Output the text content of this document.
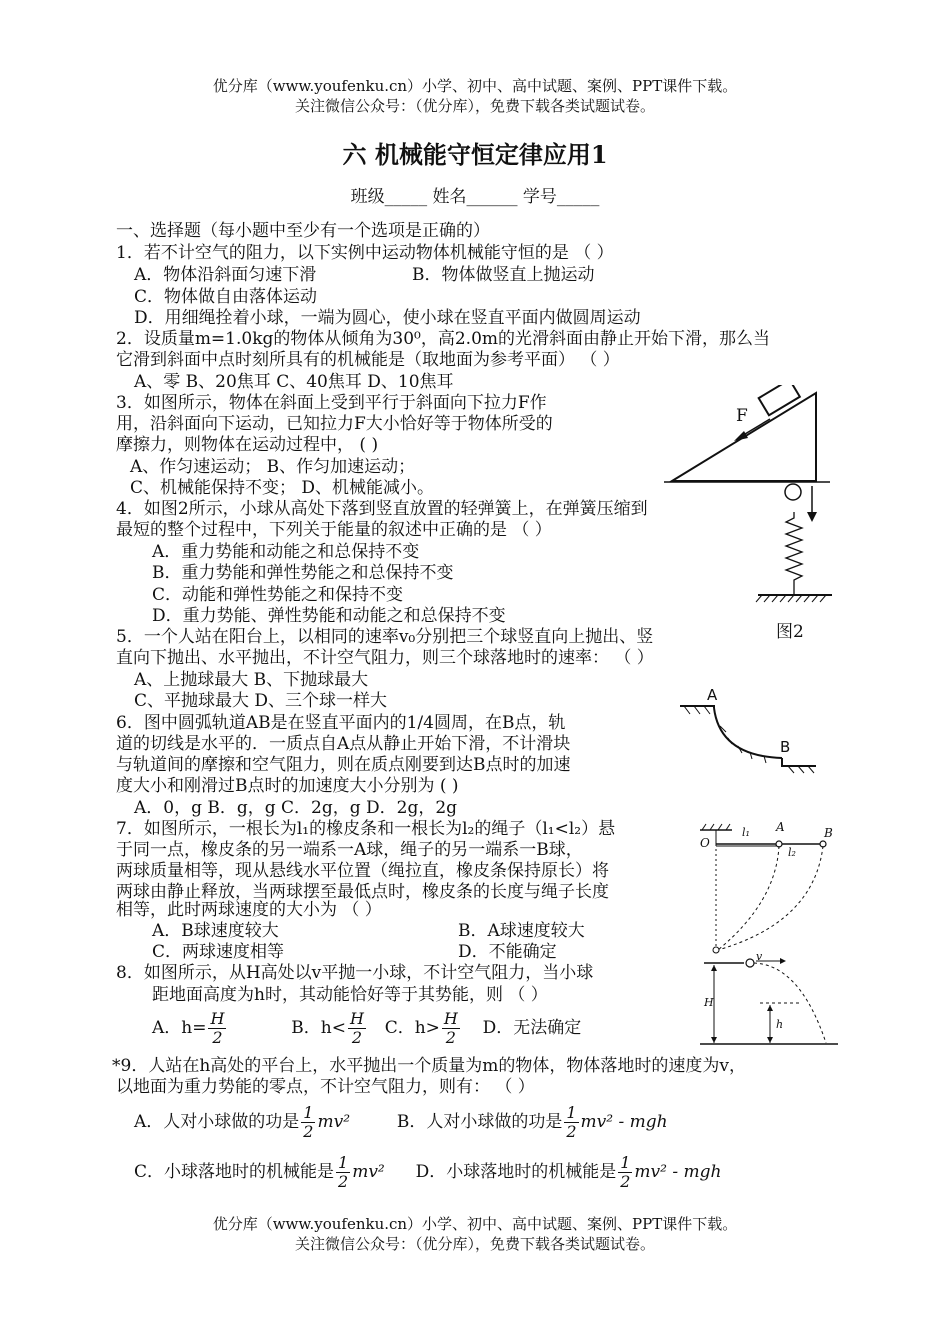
优分库（www.youfenku.cn）小学、初中、高中试题、案例、PPT课件下载。
关注微信公众号：（优分库），免费下载各类试题试卷。
六 机械能守恒定律应用1
班级_____ 姓名______ 学号_____
一、选择题（每小题中至少有一个选项是正确的）
1．若不计空气的阻力，以下实例中运动物体机械能守恒的是 （ ）
A．物体沿斜面匀速下滑	B．物体做竖直上抛运动
C．物体做自由落体运动
D．用细绳拴着小球，一端为圆心，使小球在竖直平面内做圆周运动
2．设质量m=1.0kg的物体从倾角为30⁰，高2.0m的光滑斜面由静止开始下滑，那么当
它滑到斜面中点时刻所具有的机械能是（取地面为参考平面） （ ）
A、零 B、20焦耳 C、40焦耳 D、10焦耳
3．如图所示，物体在斜面上受到平行于斜面向下拉力F作
用，沿斜面向下运动，已知拉力F大小恰好等于物体所受的
摩擦力，则物体在运动过程中， ( )
A、作匀速运动； B、作匀加速运动；
C、机械能保持不变； D、机械能减小。
F
4．如图2所示，小球从高处下落到竖直放置的轻弹簧上，在弹簧压缩到
最短的整个过程中，下列关于能量的叙述中正确的是 （ ）
A．重力势能和动能之和总保持不变
B．重力势能和弹性势能之和总保持不变
C．动能和弹性势能之和保持不变
D．重力势能、弹性势能和动能之和总保持不变
图2
5．一个人站在阳台上，以相同的速率v₀分别把三个球竖直向上抛出、竖
直向下抛出、水平抛出，不计空气阻力，则三个球落地时的速率： （ ）
A、上抛球最大 B、下抛球最大
C、平抛球最大 D、三个球一样大
6．图中圆弧轨道AB是在竖直平面内的1/4圆周，在B点，轨
道的切线是水平的．一质点自A点从静止开始下滑，不计滑块
与轨道间的摩擦和空气阻力，则在质点刚要到达B点时的加速
度大小和刚滑过B点时的加速度大小分别为 ( )
A．0，g B．g，g C．2g，g D．2g，2g
A
B
7．如图所示，一根长为l₁的橡皮条和一根长为l₂的绳子（l₁<l₂）悬
于同一点，橡皮条的另一端系一A球，绳子的另一端系一B球，
两球质量相等，现从悬线水平位置（绳拉直，橡皮条保持原长）将
两球由静止释放，当两球摆至最低点时，橡皮条的长度与绳子长度
相等，此时两球速度的大小为 （ ）
A．B球速度较大	B．A球速度较大
C．两球速度相等	D．不能确定
O
A	B
l₁
l₂
8．如图所示，从H高处以v平抛一小球，不计空气阻力，当小球
距地面高度为h时，其动能恰好等于其势能，则 （ ）
A．$h= \frac{H}{2}$	B．$h< \frac{H}{2}$ C．$h> \frac{H}{2}$ D．无法确定
H
h
v
*9．人站在h高处的平台上，水平抛出一个质量为m的物体，物体落地时的速度为v，
以地面为重力势能的零点，不计空气阻力，则有： （ ）
A．人对小球做的功是 $\frac{1}{2} mv^2$	B．人对小球做的功是 $\frac{1}{2} mv^2$ - mgh
C．小球落地时的机械能是 $\frac{1}{2} mv^2$ D．小球落地时的机械能是 $\frac{1}{2} mv^2$ - mgh
优分库（www.youfenku.cn）小学、初中、高中试题、案例、PPT课件下载。
关注微信公众号：（优分库），免费下载各类试题试卷。
